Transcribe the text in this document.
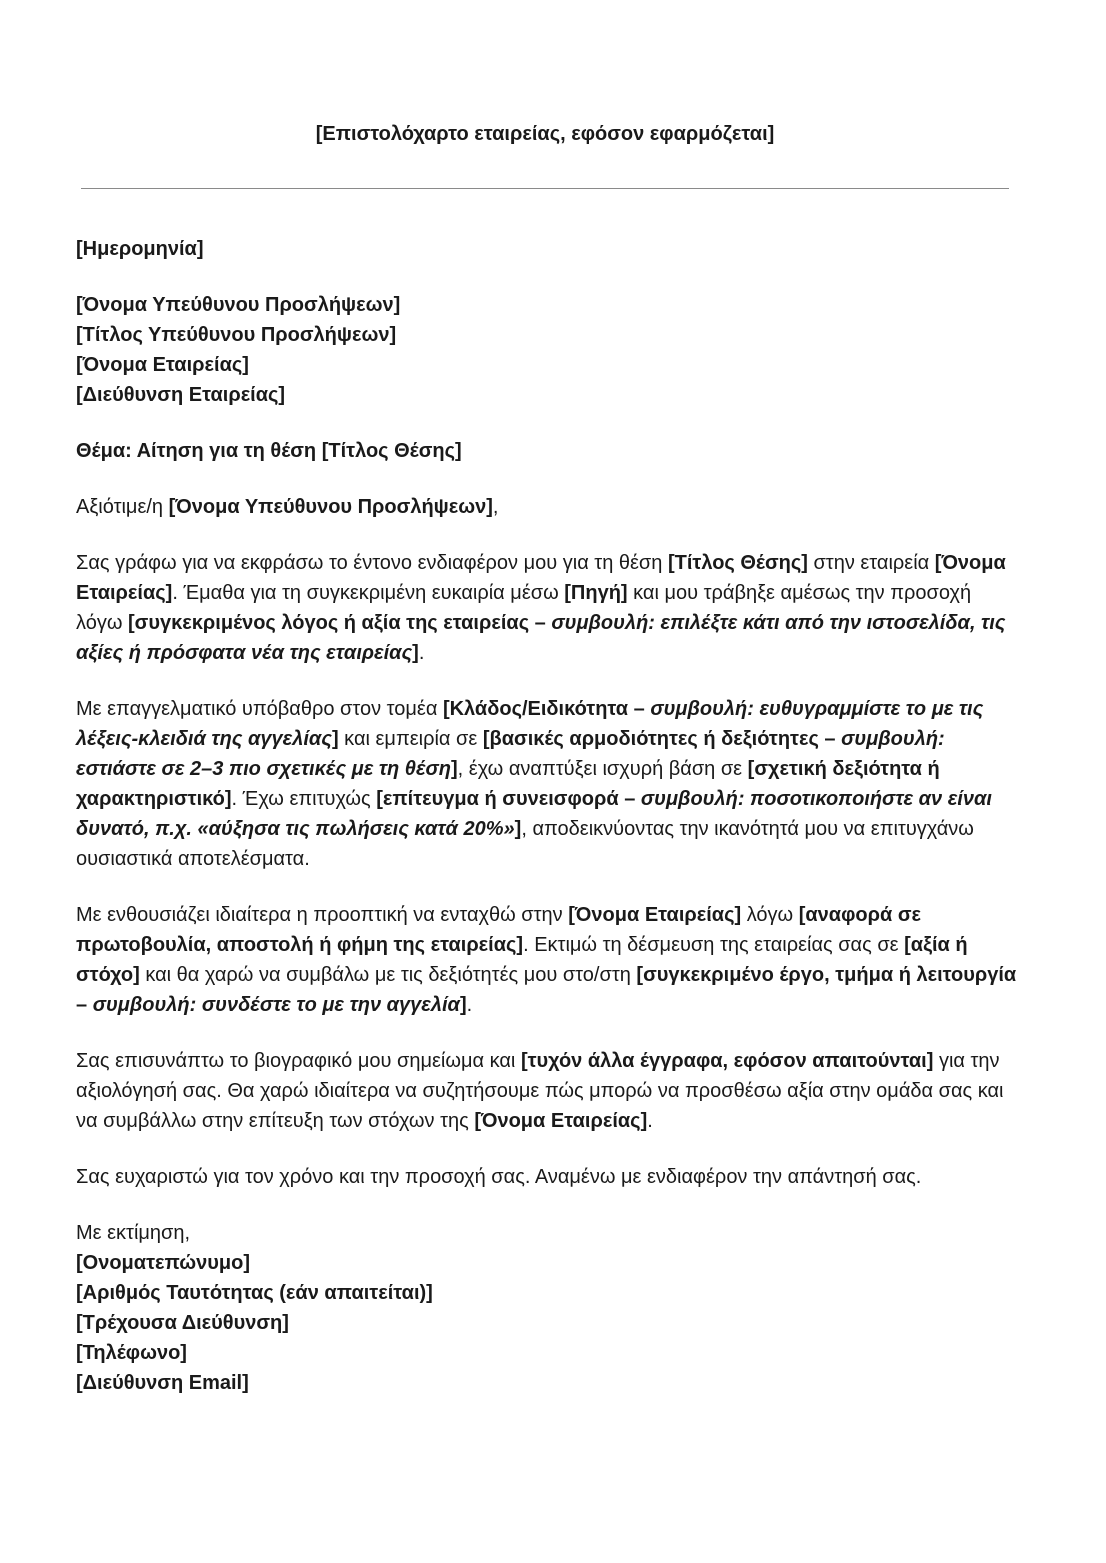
[Επιστολόχαρτο εταιρείας, εφόσον εφαρμόζεται]
[Ημερομηνία]
[Όνομα Υπεύθυνου Προσλήψεων]
[Τίτλος Υπεύθυνου Προσλήψεων]
[Όνομα Εταιρείας]
[Διεύθυνση Εταιρείας]
Θέμα: Αίτηση για τη θέση [Τίτλος Θέσης]

Αξιότιμε/η [Όνομα Υπεύθυνου Προσλήψεων],

Σας γράφω για να εκφράσω το έντονο ενδιαφέρον μου για τη θέση [Τίτλος Θέσης] στην εταιρεία [Όνομα Εταιρείας]. Έμαθα για τη συγκεκριμένη ευκαιρία μέσω [Πηγή] και μου τράβηξε αμέσως την προσοχή λόγω [συγκεκριμένος λόγος ή αξία της εταιρείας – συμβουλή: επιλέξτε κάτι από την ιστοσελίδα, τις αξίες ή πρόσφατα νέα της εταιρείας].

Με επαγγελματικό υπόβαθρο στον τομέα [Κλάδος/Ειδικότητα – συμβουλή: ευθυγραμμίστε το με τις λέξεις-κλειδιά της αγγελίας] και εμπειρία σε [βασικές αρμοδιότητες ή δεξιότητες – συμβουλή: εστιάστε σε 2–3 πιο σχετικές με τη θέση], έχω αναπτύξει ισχυρή βάση σε [σχετική δεξιότητα ή χαρακτηριστικό]. Έχω επιτυχώς [επίτευγμα ή συνεισφορά – συμβουλή: ποσοτικοποιήστε αν είναι δυνατό, π.χ. «αύξησα τις πωλήσεις κατά 20%»], αποδεικνύοντας την ικανότητά μου να επιτυγχάνω ουσιαστικά αποτελέσματα.

Με ενθουσιάζει ιδιαίτερα η προοπτική να ενταχθώ στην [Όνομα Εταιρείας] λόγω [αναφορά σε πρωτοβουλία, αποστολή ή φήμη της εταιρείας]. Εκτιμώ τη δέσμευση της εταιρείας σας σε [αξία ή στόχο] και θα χαρώ να συμβάλω με τις δεξιότητές μου στο/στη [συγκεκριμένο έργο, τμήμα ή λειτουργία – συμβουλή: συνδέστε το με την αγγελία].

Σας επισυνάπτω το βιογραφικό μου σημείωμα και [τυχόν άλλα έγγραφα, εφόσον απαιτούνται] για την αξιολόγησή σας. Θα χαρώ ιδιαίτερα να συζητήσουμε πώς μπορώ να προσθέσω αξία στην ομάδα σας και να συμβάλλω στην επίτευξη των στόχων της [Όνομα Εταιρείας].

Σας ευχαριστώ για τον χρόνο και την προσοχή σας. Αναμένω με ενδιαφέρον την απάντησή σας.

Με εκτίμηση,
[Ονοματεπώνυμο]
[Αριθμός Ταυτότητας (εάν απαιτείται)]
[Τρέχουσα Διεύθυνση]
[Τηλέφωνο]
[Διεύθυνση Email]
